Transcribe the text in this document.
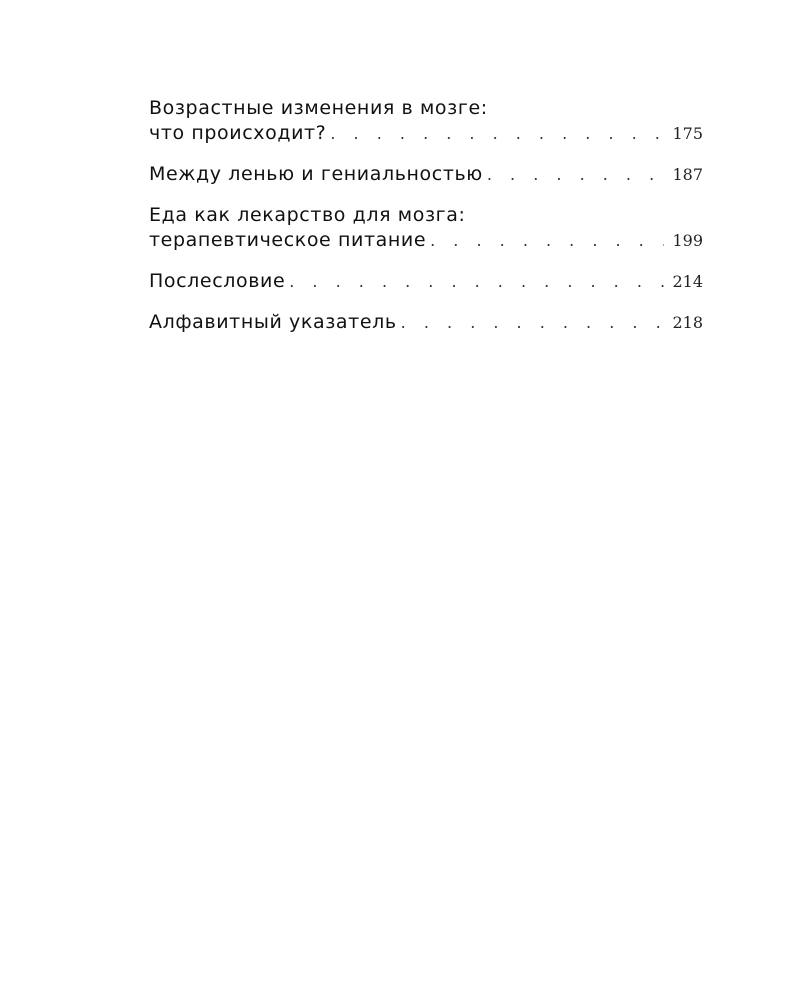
Возрастные изменения в мозге:
что происходит? . . .	175
Между ленью и гениальностью . . .	187
Еда как лекарство для мозга:
терапевтическое питание . . .	199
Послесловие . . .	214
Алфавитный указатель . . .	218
